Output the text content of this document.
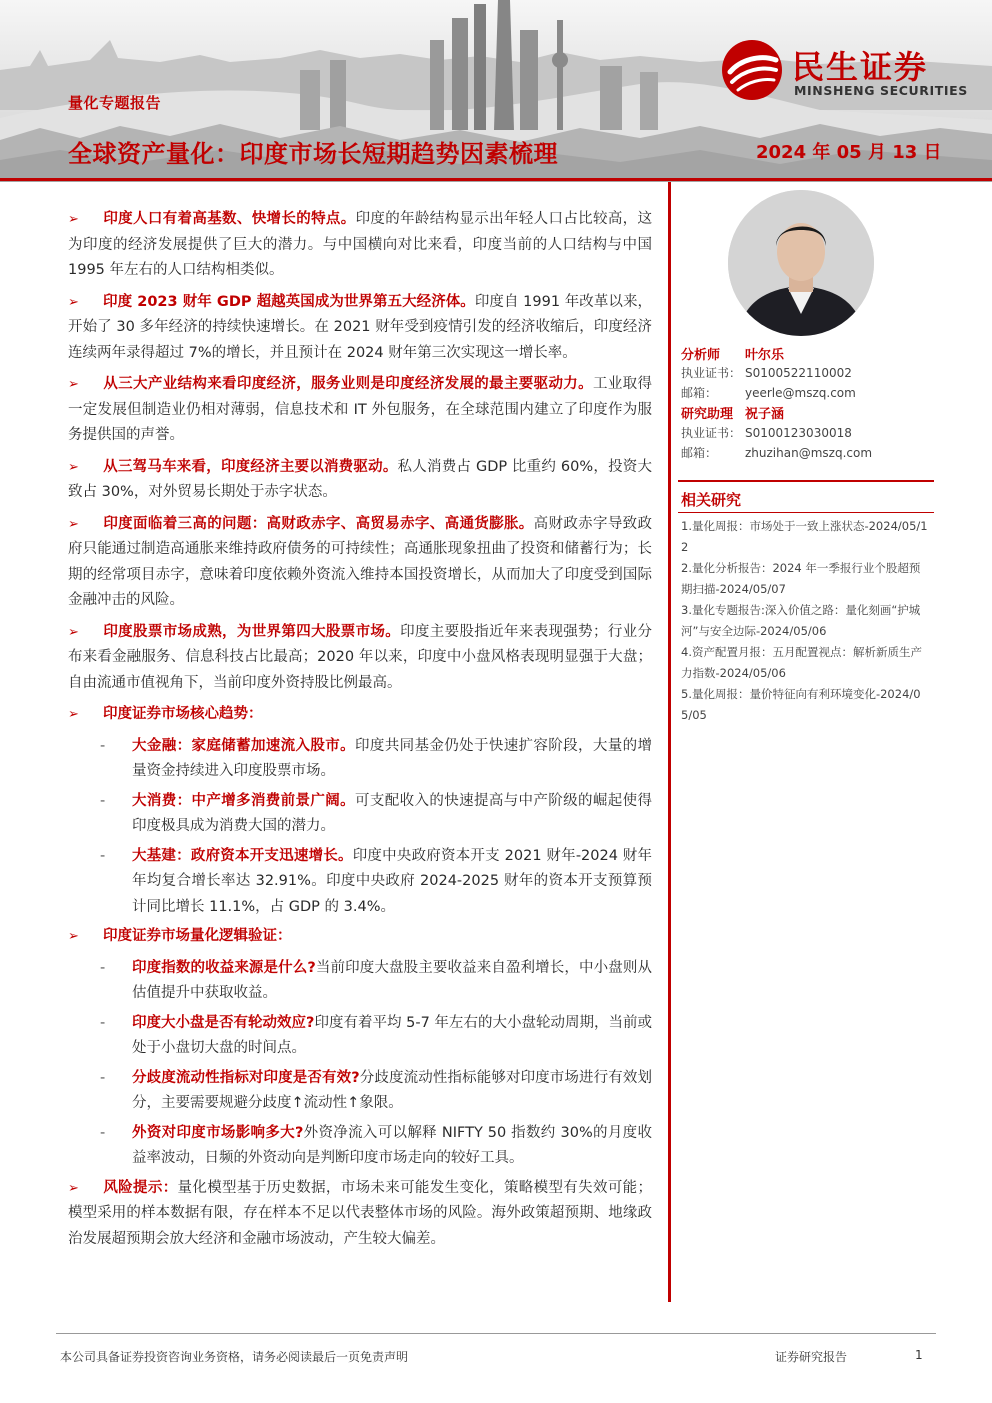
民生证券
MINSHENG SECURITIES
量化专题报告
全球资产量化：印度市场长短期趋势因素梳理	2024 年 05 月 13 日
➢ 印度人口有着高基数、快增长的特点。印度的年龄结构显示出年轻人口占比较高，这为印度的经济发展提供了巨大的潜力。与中国横向对比来看，印度当前的人口结构与中国 1995 年左右的人口结构相类似。
➢ 印度 2023 财年 GDP 超越英国成为世界第五大经济体。印度自 1991 年改革以来，开始了 30 多年经济的持续快速增长。在 2021 财年受到疫情引发的经济收缩后，印度经济连续两年录得超过 7%的增长，并且预计在 2024 财年第三次实现这一增长率。
➢ 从三大产业结构来看印度经济，服务业则是印度经济发展的最主要驱动力。工业取得一定发展但制造业仍相对薄弱，信息技术和 IT 外包服务，在全球范围内建立了印度作为服务提供国的声誉。
➢ 从三驾马车来看，印度经济主要以消费驱动。私人消费占 GDP 比重约 60%，投资大致占 30%，对外贸易长期处于赤字状态。
➢ 印度面临着三高的问题：高财政赤字、高贸易赤字、高通货膨胀。高财政赤字导致政府只能通过制造高通胀来维持政府债务的可持续性；高通胀现象扭曲了投资和储蓄行为；长期的经常项目赤字，意味着印度依赖外资流入维持本国投资增长，从而加大了印度受到国际金融冲击的风险。
➢ 印度股票市场成熟，为世界第四大股票市场。印度主要股指近年来表现强势；行业分布来看金融服务、信息科技占比最高；2020 年以来，印度中小盘风格表现明显强于大盘；自由流通市值视角下，当前印度外资持股比例最高。
➢ 印度证券市场核心趋势：
- 大金融：家庭储蓄加速流入股市。印度共同基金仍处于快速扩容阶段，大量的增量资金持续进入印度股票市场。
- 大消费：中产增多消费前景广阔。可支配收入的快速提高与中产阶级的崛起使得印度极具成为消费大国的潜力。
- 大基建：政府资本开支迅速增长。印度中央政府资本开支 2021 财年-2024 财年年均复合增长率达 32.91%。印度中央政府 2024-2025 财年的资本开支预算预计同比增长 11.1%，占 GDP 的 3.4%。
➢ 印度证券市场量化逻辑验证：
- 印度指数的收益来源是什么?当前印度大盘股主要收益来自盈利增长，中小盘则从估值提升中获取收益。
- 印度大小盘是否有轮动效应?印度有着平均 5-7 年左右的大小盘轮动周期，当前或处于小盘切大盘的时间点。
- 分歧度流动性指标对印度是否有效?分歧度流动性指标能够对印度市场进行有效划分，主要需要规避分歧度↑流动性↑象限。
- 外资对印度市场影响多大?外资净流入可以解释 NIFTY 50 指数约 30%的月度收益率波动，日频的外资动向是判断印度市场走向的较好工具。
➢ 风险提示：量化模型基于历史数据，市场未来可能发生变化，策略模型有失效可能；模型采用的样本数据有限，存在样本不足以代表整体市场的风险。海外政策超预期、地缘政治发展超预期会放大经济和金融市场波动，产生较大偏差。
分析师 叶尔乐
执业证书： S0100522110002
邮箱： yeerle@mszq.com
研究助理 祝子涵
执业证书： S0100123030018
邮箱： zhuzihan@mszq.com
相关研究
1.量化周报：市场处于一致上涨状态-2024/05/12
2.量化分析报告：2024 年一季报行业个股超预期扫描-2024/05/07
3.量化专题报告:深入价值之路：量化刻画“护城河”与安全边际-2024/05/06
4.资产配置月报：五月配置视点：解析新质生产力指数-2024/05/06
5.量化周报：量价特征向有利环境变化-2024/05/05
本公司具备证券投资咨询业务资格，请务必阅读最后一页免责声明	证券研究报告	1
